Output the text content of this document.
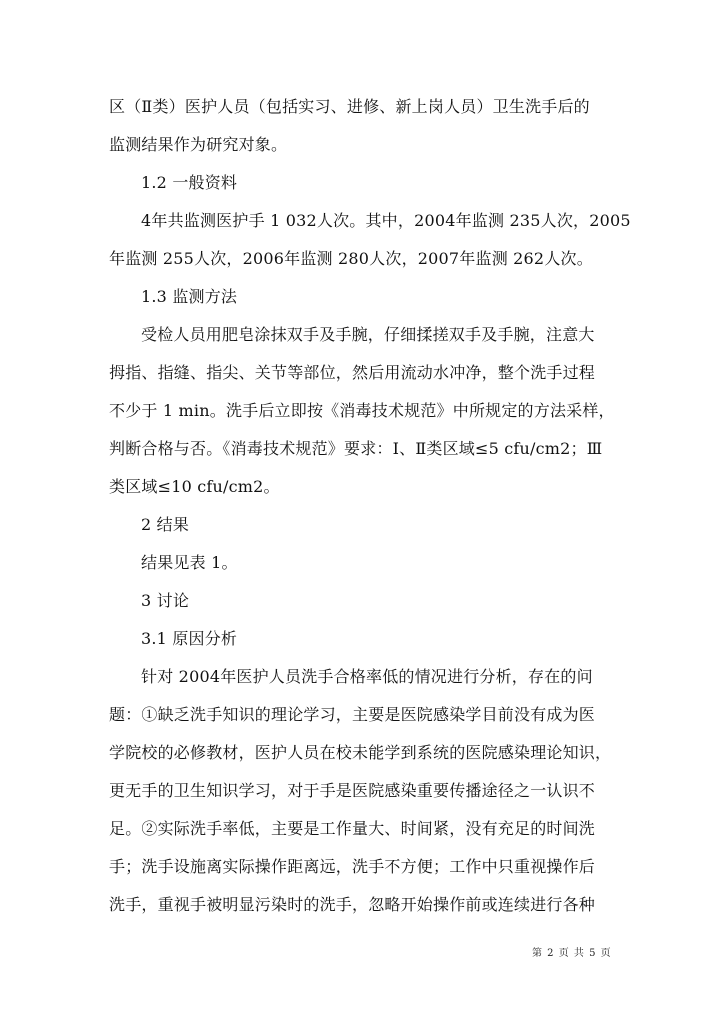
区（Ⅱ类）医护人员（包括实习、进修、新上岗人员）卫生洗手后的
监测结果作为研究对象。
1.2 一般资料
4年共监测医护手 1 032人次。其中，2004年监测 235人次，2005
年监测 255人次，2006年监测 280人次，2007年监测 262人次。
1.3 监测方法
受检人员用肥皂涂抹双手及手腕，仔细揉搓双手及手腕，注意大
拇指、指缝、指尖、关节等部位，然后用流动水冲净，整个洗手过程
不少于 1 min。洗手后立即按《消毒技术规范》中所规定的方法采样，
判断合格与否。《消毒技术规范》要求：Ⅰ、Ⅱ类区域≤5 cfu/cm2；Ⅲ
类区域≤10 cfu/cm2。
2 结果
结果见表 1。
3 讨论
3.1 原因分析
针对 2004年医护人员洗手合格率低的情况进行分析，存在的问
题：①缺乏洗手知识的理论学习，主要是医院感染学目前没有成为医
学院校的必修教材，医护人员在校未能学到系统的医院感染理论知识，
更无手的卫生知识学习，对于手是医院感染重要传播途径之一认识不
足。②实际洗手率低，主要是工作量大、时间紧，没有充足的时间洗
手；洗手设施离实际操作距离远，洗手不方便；工作中只重视操作后
洗手，重视手被明显污染时的洗手，忽略开始操作前或连续进行各种
第 2 页 共 5 页
